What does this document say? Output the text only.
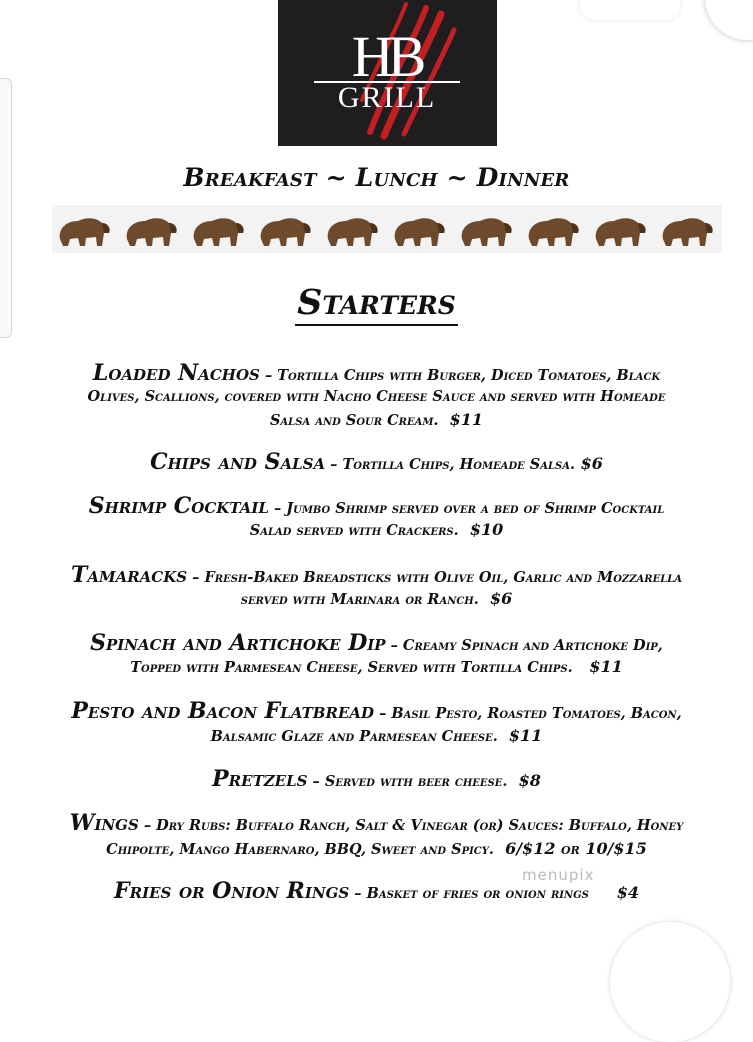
HB
GRILL
Breakfast ~ Lunch ~ Dinner
Starters
Loaded Nachos – Tortilla Chips with Burger, Diced Tomatoes, Black
Olives, Scallions, covered with Nacho Cheese Sauce and served with Homeade
Salsa and Sour Cream. $11
Chips and Salsa – Tortilla Chips, Homeade Salsa. $6
Shrimp Cocktail – Jumbo Shrimp served over a bed of Shrimp Cocktail
Salad served with Crackers. $10
Tamaracks – Fresh-Baked Breadsticks with Olive Oil, Garlic and Mozzarella
served with Marinara or Ranch. $6
Spinach and Artichoke Dip – Creamy Spinach and Artichoke Dip,
Topped with Parmesean Cheese, Served with Tortilla Chips. $11
Pesto and Bacon Flatbread – Basil Pesto, Roasted Tomatoes, Bacon,
Balsamic Glaze and Parmesean Cheese. $11
Pretzels – Served with beer cheese. $8
Wings – Dry Rubs: Buffalo Ranch, Salt & Vinegar (or) Sauces: Buffalo, Honey
Chipolte, Mango Habernaro, BBQ, Sweet and Spicy. 6/$12 or 10/$15
Fries or Onion Rings – Basket of fries or onion rings $4
menupix
